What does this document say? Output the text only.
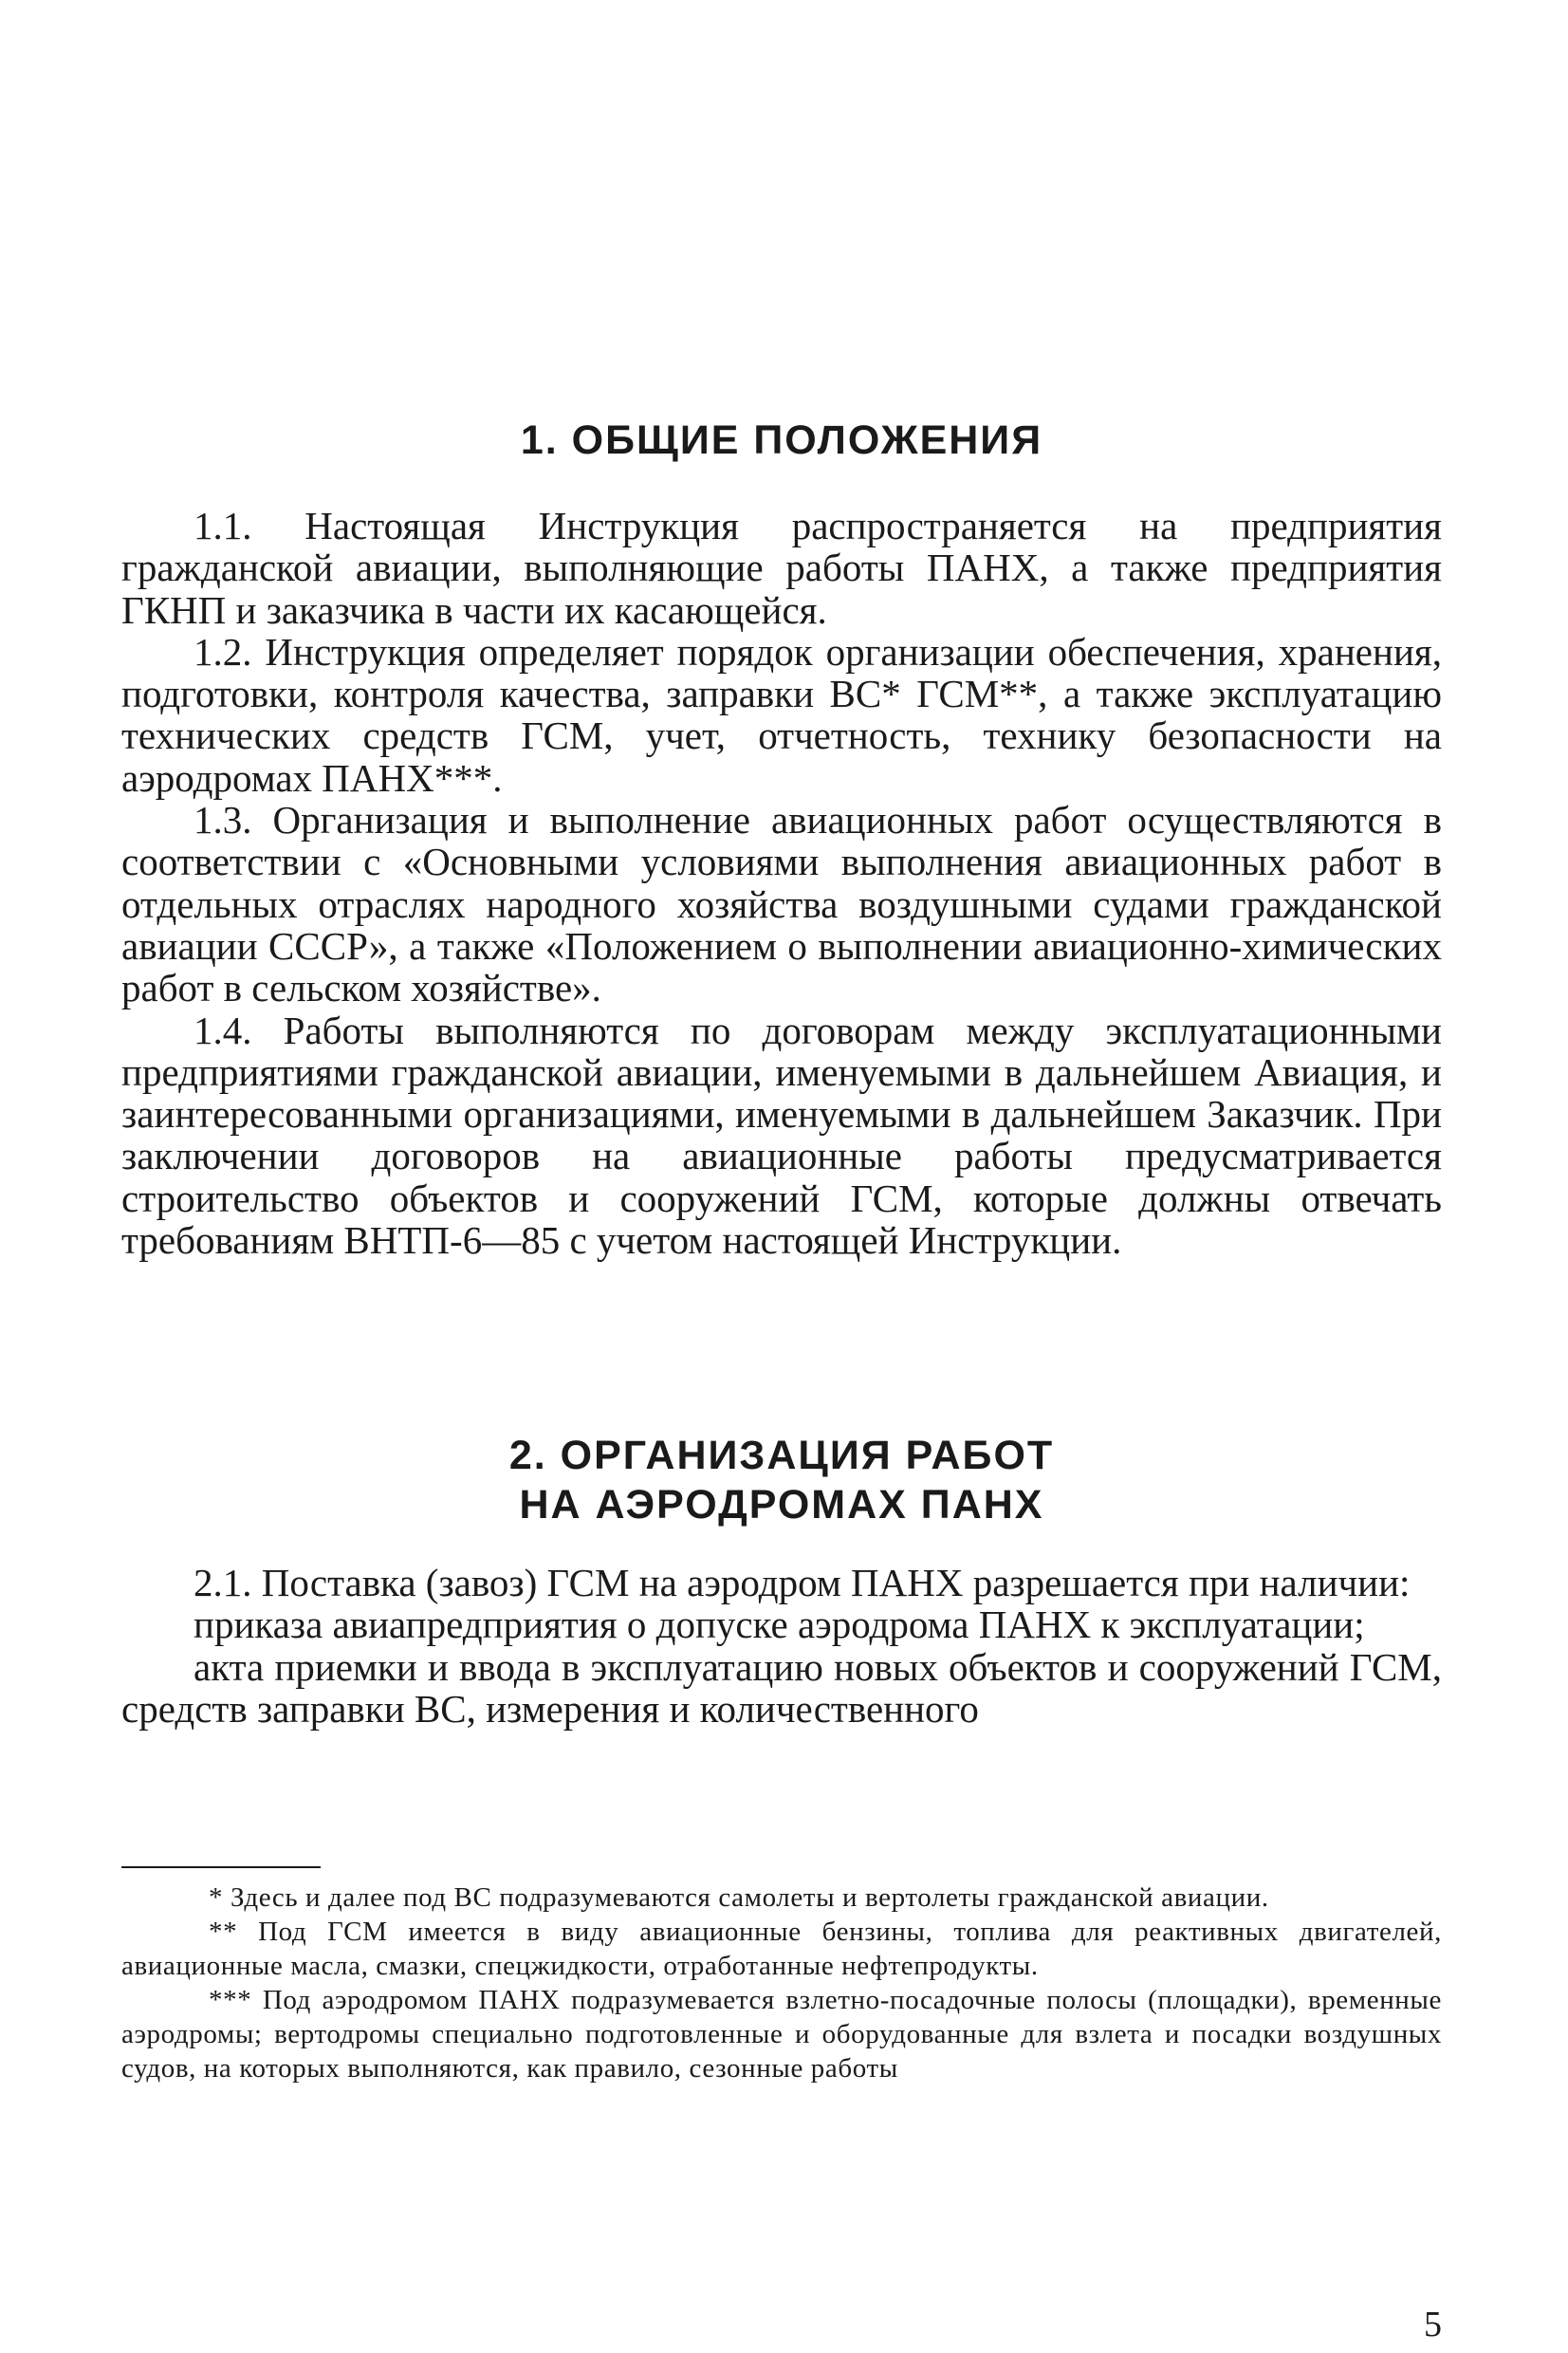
1. ОБЩИЕ ПОЛОЖЕНИЯ

1.1. Настоящая Инструкция распространяется на предприятия гражданской авиации, выполняющие работы ПАНХ, а также предприятия ГКНП и заказчика в части их касающейся.

1.2. Инструкция определяет порядок организации обеспечения, хранения, подготовки, контроля качества, заправки ВС* ГСМ**, а также эксплуатацию технических средств ГСМ, учет, отчетность, технику безопасности на аэродромах ПАНХ***.

1.3. Организация и выполнение авиационных работ осуществляются в соответствии с «Основными условиями выполнения авиационных работ в отдельных отраслях народного хозяйства воздушными судами гражданской авиации СССР», а также «Положением о выполнении авиационно-химических работ в сельском хозяйстве».

1.4. Работы выполняются по договорам между эксплуатационными предприятиями гражданской авиации, именуемыми в дальнейшем Авиация, и заинтересованными организациями, именуемыми в дальнейшем Заказчик. При заключении договоров на авиационные работы предусматривается строительство объектов и сооружений ГСМ, которые должны отвечать требованиям ВНТП-6—85 с учетом настоящей Инструкции.

2. ОРГАНИЗАЦИЯ РАБОТ
НА АЭРОДРОМАХ ПАНХ

2.1. Поставка (завоз) ГСМ на аэродром ПАНХ разрешается при наличии:

приказа авиапредприятия о допуске аэродрома ПАНХ к эксплуатации;

акта приемки и ввода в эксплуатацию новых объектов и сооружений ГСМ, средств заправки ВС, измерения и количественного

* Здесь и далее под ВС подразумеваются самолеты и вертолеты гражданской авиации.

** Под ГСМ имеется в виду авиационные бензины, топлива для реактивных двигателей, авиационные масла, смазки, спецжидкости, отработанные нефтепродукты.

*** Под аэродромом ПАНХ подразумевается взлетно-посадочные полосы (площадки), временные аэродромы; вертодромы специально подготовленные и оборудованные для взлета и посадки воздушных судов, на которых выполняются, как правило, сезонные работы

5
